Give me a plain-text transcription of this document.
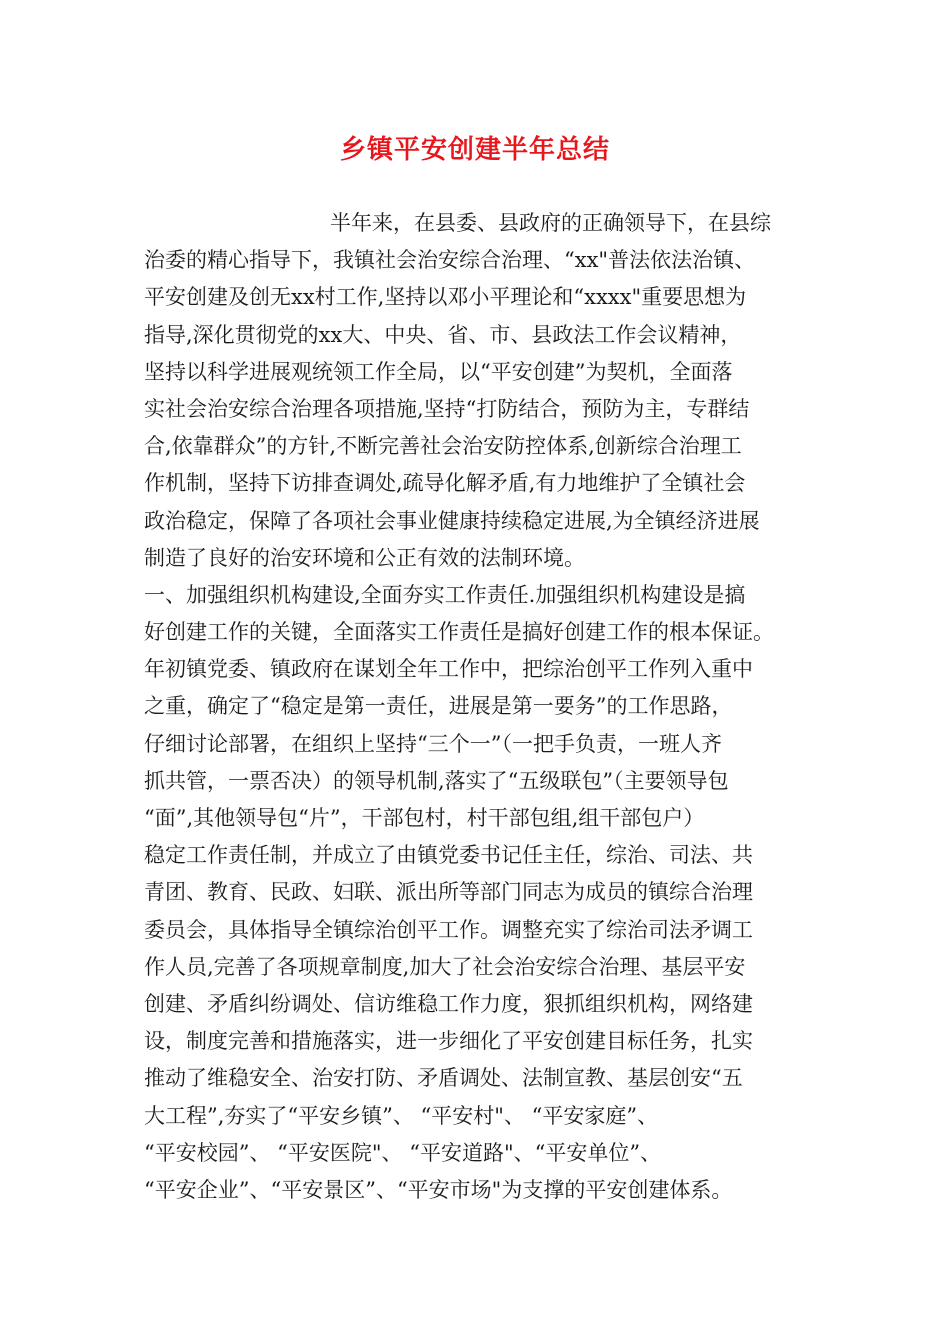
乡镇平安创建半年总结
半年来，在县委、县政府的正确领导下，在县综
治委的精心指导下，我镇社会治安综合治理、“xx"普法依法治镇、
平安创建及创无xx村工作,坚持以邓小平理论和“xxxx"重要思想为
指导,深化贯彻党的xx大、中央、省、市、县政法工作会议精神，
坚持以科学进展观统领工作全局，以“平安创建”为契机，全面落
实社会治安综合治理各项措施,坚持“打防结合，预防为主，专群结
合,依靠群众”的方针,不断完善社会治安防控体系,创新综合治理工
作机制，坚持下访排查调处,疏导化解矛盾,有力地维护了全镇社会
政治稳定，保障了各项社会事业健康持续稳定进展,为全镇经济进展
制造了良好的治安环境和公正有效的法制环境。
一、加强组织机构建设,全面夯实工作责任.加强组织机构建设是搞
好创建工作的关键，全面落实工作责任是搞好创建工作的根本保证。
年初镇党委、镇政府在谋划全年工作中，把综治创平工作列入重中
之重，确定了“稳定是第一责任，进展是第一要务”的工作思路，
仔细讨论部署，在组织上坚持“三个一”（一把手负责，一班人齐
抓共管，一票否决）的领导机制,落实了“五级联包”（主要领导包
“面”,其他领导包“片”，干部包村，村干部包组,组干部包户）
稳定工作责任制，并成立了由镇党委书记任主任，综治、司法、共
青团、教育、民政、妇联、派出所等部门同志为成员的镇综合治理
委员会，具体指导全镇综治创平工作。调整充实了综治司法矛调工
作人员,完善了各项规章制度,加大了社会治安综合治理、基层平安
创建、矛盾纠纷调处、信访维稳工作力度，狠抓组织机构，网络建
设，制度完善和措施落实，进一步细化了平安创建目标任务，扎实
推动了维稳安全、治安打防、矛盾调处、法制宣教、基层创安“五
大工程”,夯实了“平安乡镇”、 “平安村"、 “平安家庭”、
“平安校园”、 “平安医院"、 “平安道路"、“平安单位”、
“平安企业”、“平安景区”、“平安市场"为支撑的平安创建体系。
